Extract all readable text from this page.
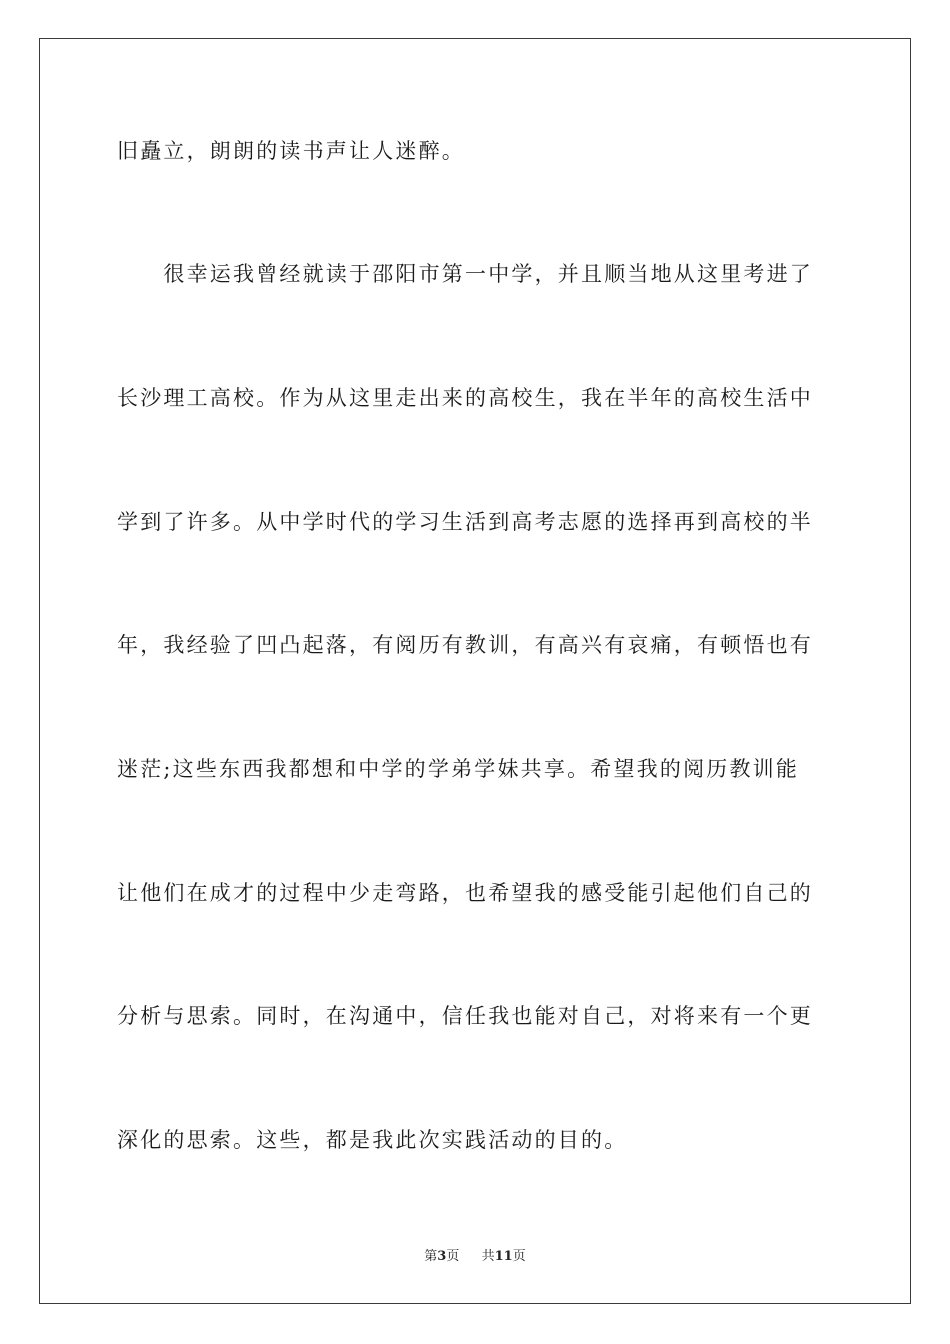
旧矗立，朗朗的读书声让人迷醉。
　　很幸运我曾经就读于邵阳市第一中学，并且顺当地从这里考进了
长沙理工高校。作为从这里走出来的高校生，我在半年的高校生活中
学到了许多。从中学时代的学习生活到高考志愿的选择再到高校的半
年，我经验了凹凸起落，有阅历有教训，有高兴有哀痛，有顿悟也有
迷茫;这些东西我都想和中学的学弟学妹共享。希望我的阅历教训能
让他们在成才的过程中少走弯路，也希望我的感受能引起他们自己的
分析与思索。同时，在沟通中，信任我也能对自己，对将来有一个更
深化的思索。这些，都是我此次实践活动的目的。
第3页 共11页
